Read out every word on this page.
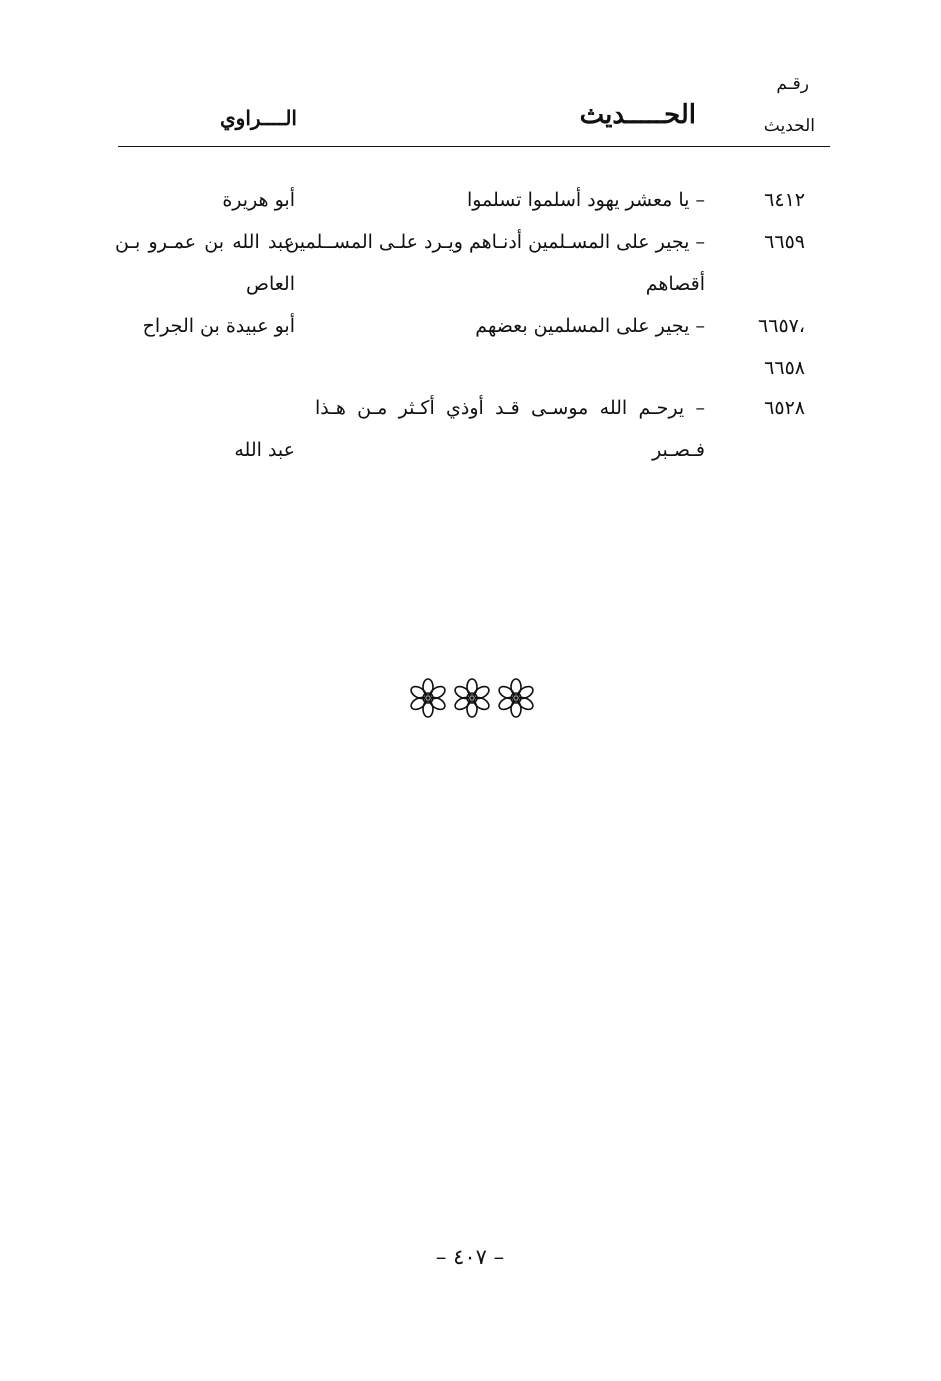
رقـم
الحديث
الحـــــديث
الــــراوي
٦٤١٢
– يا معشر يهود أسلموا تسلموا
أبو هريرة
٦٦٥٩
– يجير على المسـلمين أدنـاهم ويـرد علـى المســلمين
عبد الله بن عمـرو بـن
أقصاهم
العاص
،٦٦٥٧
– يجير على المسلمين بعضهم
أبو عبيدة بن الجراح
٦٦٥٨
٦٥٢٨
– يرحـم الله موسـى قـد أوذي أكـثر مـن هـذا
فـصـبر
عبد الله
– ٤٠٧ –
